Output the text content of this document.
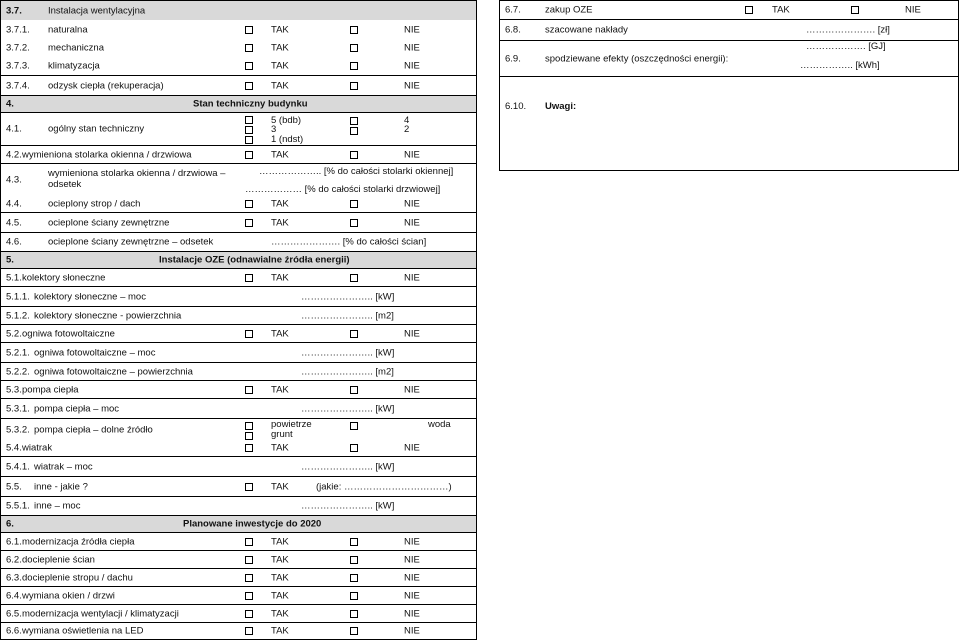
3.7.	Instalacja wentylacyjna
3.7.1. naturalna	TAK	NIE
3.7.2. mechaniczna	TAK	NIE
3.7.3. klimatyzacja	TAK	NIE
3.7.4. odzysk ciepła (rekuperacja)	TAK	NIE
4.	Stan techniczny budynku
4.1.	ogólny stan techniczny
5 (bdb)	4
3	2
1 (ndst)
4.2. wymieniona stolarka okienna / drzwiowa	TAK	NIE
4.3.
wymieniona stolarka okienna / drzwiowa –
odsetek
……………….. [% do całości stolarki okiennej]
……………… [% do całości stolarki drzwiowej]
4.4.	ocieplony strop / dach	TAK	NIE
4.5.	ocieplone ściany zewnętrzne	TAK	NIE
4.6.	ocieplone ściany zewnętrzne – odsetek	…………………. [% do całości ścian]
5.	Instalacje OZE (odnawialne źródła energii)
5.1. kolektory słoneczne	TAK	NIE
5.1.1. kolektory słoneczne – moc	………………….. [kW]
5.1.2. kolektory słoneczne - powierzchnia	………………….. [m2]
5.2. ogniwa fotowoltaiczne	TAK	NIE
5.2.1. ogniwa fotowoltaiczne – moc	………………….. [kW]
5.2.2. ogniwa fotowoltaiczne – powierzchnia	………………….. [m2]
5.3. pompa ciepła	TAK	NIE
5.3.1. pompa ciepła – moc	………………….. [kW]
5.3.2. pompa ciepła – dolne źródło	powietrze	woda
grunt
5.4. wiatrak	TAK	NIE
5.4.1. wiatrak – moc	………………….. [kW]
5.5. inne - jakie ?	TAK	(jakie: ……………………………)
5.5.1. inne – moc	………………….. [kW]
6.	Planowane inwestycje do 2020
6.1. modernizacja źródła ciepła	TAK	NIE
6.2. docieplenie ścian	TAK	NIE
6.3. docieplenie stropu / dachu	TAK	NIE
6.4. wymiana okien / drzwi	TAK	NIE
6.5. modernizacja wentylacji / klimatyzacji	TAK	NIE
6.6. wymiana oświetlenia na LED	TAK	NIE
6.7.	zakup OZE	TAK	NIE
6.8.	szacowane nakłady	…………………. [zł]
6.9.	spodziewane efekty (oszczędności energii):
………………. [GJ]
…………….. [kWh]
6.10. Uwagi:
